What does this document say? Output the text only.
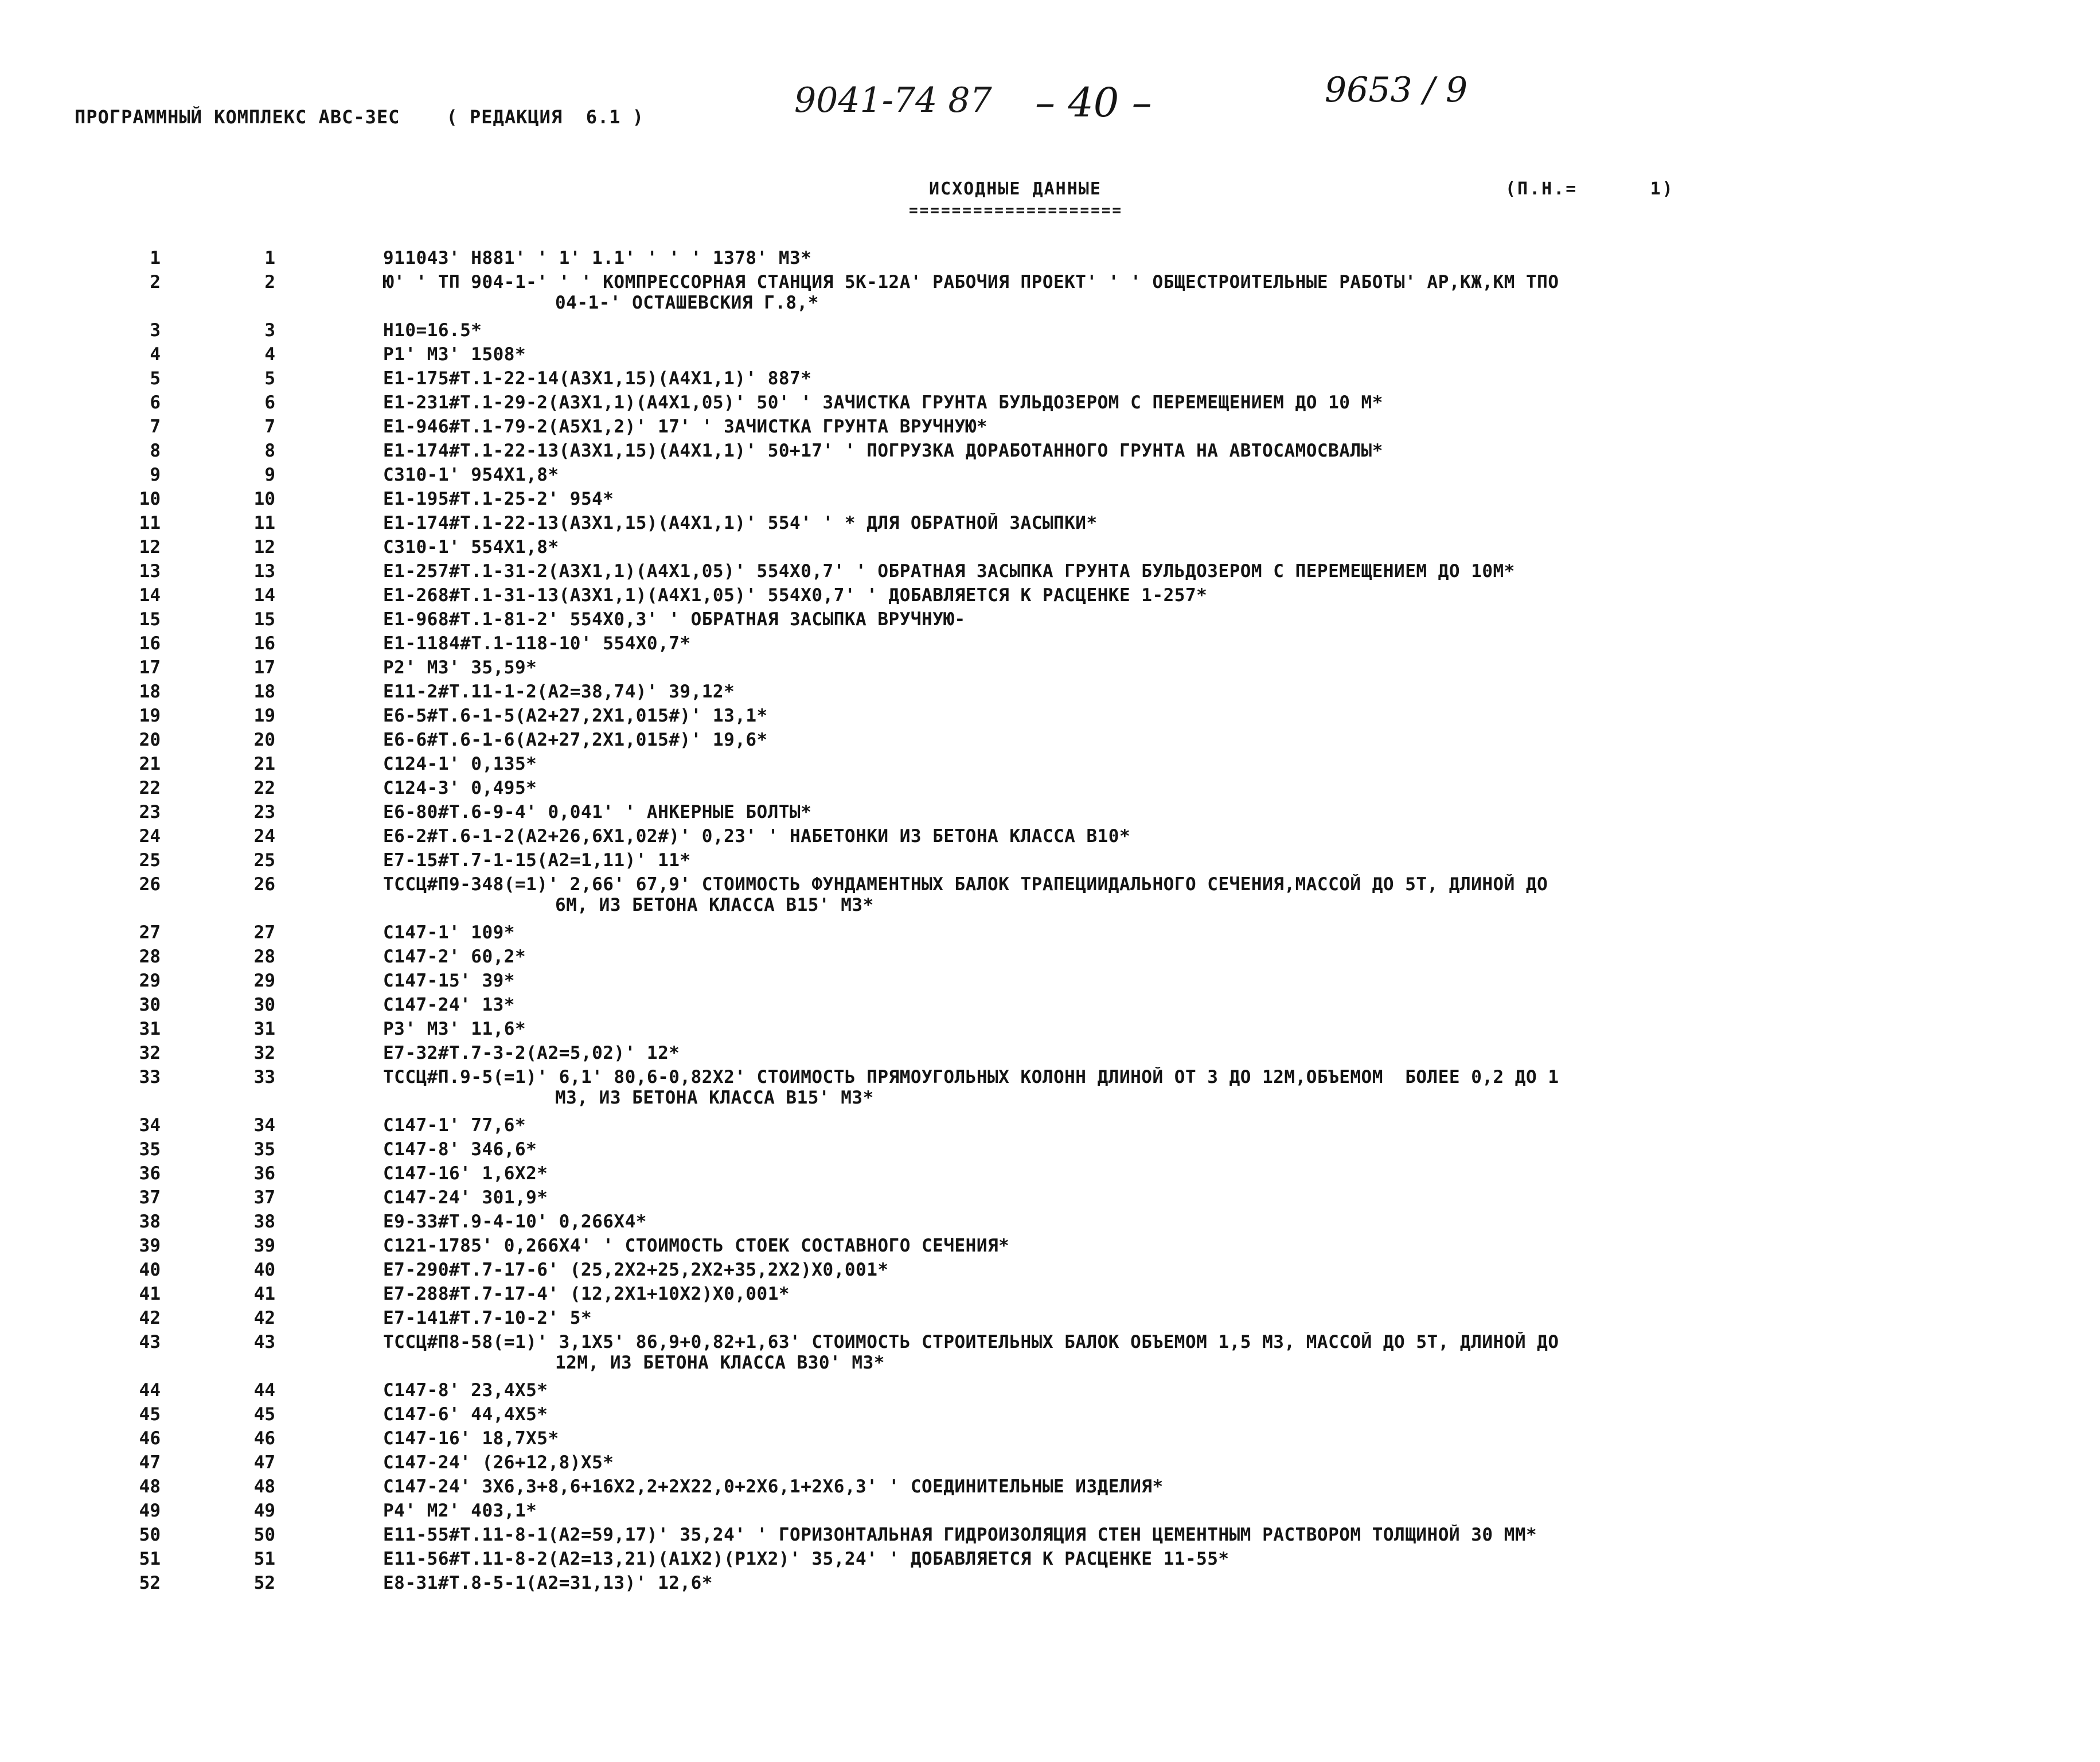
ПРОГРАММНЫЙ КОМПЛЕКС АВС-ЗЕС    ( РЕДАКЦИЯ  6.1 )	9041-74 87 – 40 –	9653 / 9
ИСХОДНЫЕ ДАННЫЕ
====================
(П.Н.=      1)
1	1	911043' Н881' ' 1' 1.1' ' ' ' 1378' М3*
2	2	Ю' ' ТП 904-1-' ' ' КОМПРЕССОРНАЯ СТАНЦИЯ 5К-12А' РАБОЧИЯ ПРОЕКТ' ' ' ОБЩЕСТРОИТЕЛЬНЫЕ РАБОТЫ' АР,КЖ,КМ ТПО
04-1-' ОСТАШЕВСКИЯ Г.8,*
3	3	Н10=16.5*
4	4	Р1' М3' 1508*
5	5	Е1-175#Т.1-22-14(А3Х1,15)(А4Х1,1)' 887*
6	6	Е1-231#Т.1-29-2(А3Х1,1)(А4Х1,05)' 50' ' ЗАЧИСТКА ГРУНТА БУЛЬДОЗЕРОМ С ПЕРЕМЕЩЕНИЕМ ДО 10 М*
7	7	Е1-946#Т.1-79-2(А5Х1,2)' 17' ' ЗАЧИСТКА ГРУНТА ВРУЧНУЮ*
8	8	Е1-174#Т.1-22-13(А3Х1,15)(А4Х1,1)' 50+17' ' ПОГРУЗКА ДОРАБОТАННОГО ГРУНТА НА АВТОСАМОСВАЛЫ*
9	9	С310-1' 954Х1,8*
10	10	Е1-195#Т.1-25-2' 954*
11	11	Е1-174#Т.1-22-13(А3Х1,15)(А4Х1,1)' 554' ' * ДЛЯ ОБРАТНОЙ ЗАСЫПКИ*
12	12	С310-1' 554Х1,8*
13	13	Е1-257#Т.1-31-2(А3Х1,1)(А4Х1,05)' 554Х0,7' ' ОБРАТНАЯ ЗАСЫПКА ГРУНТА БУЛЬДОЗЕРОМ С ПЕРЕМЕЩЕНИЕМ ДО 10М*
14	14	Е1-268#Т.1-31-13(А3Х1,1)(А4Х1,05)' 554Х0,7' ' ДОБАВЛЯЕТСЯ К РАСЦЕНКЕ 1-257*
15	15	Е1-968#Т.1-81-2' 554Х0,3' ' ОБРАТНАЯ ЗАСЫПКА ВРУЧНУЮ-
16	16	Е1-1184#Т.1-118-10' 554Х0,7*
17	17	Р2' М3' 35,59*
18	18	Е11-2#Т.11-1-2(А2=38,74)' 39,12*
19	19	Е6-5#Т.6-1-5(А2+27,2Х1,015#)' 13,1*
20	20	Е6-6#Т.6-1-6(А2+27,2Х1,015#)' 19,6*
21	21	С124-1' 0,135*
22	22	С124-3' 0,495*
23	23	Е6-80#Т.6-9-4' 0,041' ' АНКЕРНЫЕ БОЛТЫ*
24	24	Е6-2#Т.6-1-2(А2+26,6Х1,02#)' 0,23' ' НАБЕТОНКИ ИЗ БЕТОНА КЛАССА В10*
25	25	Е7-15#Т.7-1-15(А2=1,11)' 11*
26	26	ТССЦ#П9-348(=1)' 2,66' 67,9' СТОИМОСТЬ ФУНДАМЕНТНЫХ БАЛОК ТРАПЕЦИИДАЛЬНОГО СЕЧЕНИЯ,МАССОЙ ДО 5Т, ДЛИНОЙ ДО
6М, ИЗ БЕТОНА КЛАССА В15' М3*
27	27	С147-1' 109*
28	28	С147-2' 60,2*
29	29	С147-15' 39*
30	30	С147-24' 13*
31	31	Р3' М3' 11,6*
32	32	Е7-32#Т.7-3-2(А2=5,02)' 12*
33	33	ТССЦ#П.9-5(=1)' 6,1' 80,6-0,82Х2' СТОИМОСТЬ ПРЯМОУГОЛЬНЫХ КОЛОНН ДЛИНОЙ ОТ 3 ДО 12М,ОБЪЕМОМ  БОЛЕЕ 0,2 ДО 1
М3, ИЗ БЕТОНА КЛАССА В15' М3*
34	34	С147-1' 77,6*
35	35	С147-8' 346,6*
36	36	С147-16' 1,6Х2*
37	37	С147-24' 301,9*
38	38	Е9-33#Т.9-4-10' 0,266Х4*
39	39	С121-1785' 0,266Х4' ' СТОИМОСТЬ СТОЕК СОСТАВНОГО СЕЧЕНИЯ*
40	40	Е7-290#Т.7-17-6' (25,2Х2+25,2Х2+35,2Х2)Х0,001*
41	41	Е7-288#Т.7-17-4' (12,2Х1+10Х2)Х0,001*
42	42	Е7-141#Т.7-10-2' 5*
43	43	ТССЦ#П8-58(=1)' 3,1Х5' 86,9+0,82+1,63' СТОИМОСТЬ СТРОИТЕЛЬНЫХ БАЛОК ОБЪЕМОМ 1,5 М3, МАССОЙ ДО 5Т, ДЛИНОЙ ДО
12М, ИЗ БЕТОНА КЛАССА В30' М3*
44	44	С147-8' 23,4Х5*
45	45	С147-6' 44,4Х5*
46	46	С147-16' 18,7Х5*
47	47	С147-24' (26+12,8)Х5*
48	48	С147-24' 3Х6,3+8,6+16Х2,2+2Х22,0+2Х6,1+2Х6,3' ' СОЕДИНИТЕЛЬНЫЕ ИЗДЕЛИЯ*
49	49	Р4' М2' 403,1*
50	50	Е11-55#Т.11-8-1(А2=59,17)' 35,24' ' ГОРИЗОНТАЛЬНАЯ ГИДРОИЗОЛЯЦИЯ СТЕН ЦЕМЕНТНЫМ РАСТВОРОМ ТОЛЩИНОЙ 30 ММ*
51	51	Е11-56#Т.11-8-2(А2=13,21)(А1Х2)(Р1Х2)' 35,24' ' ДОБАВЛЯЕТСЯ К РАСЦЕНКЕ 11-55*
52	52	Е8-31#Т.8-5-1(А2=31,13)' 12,6*
